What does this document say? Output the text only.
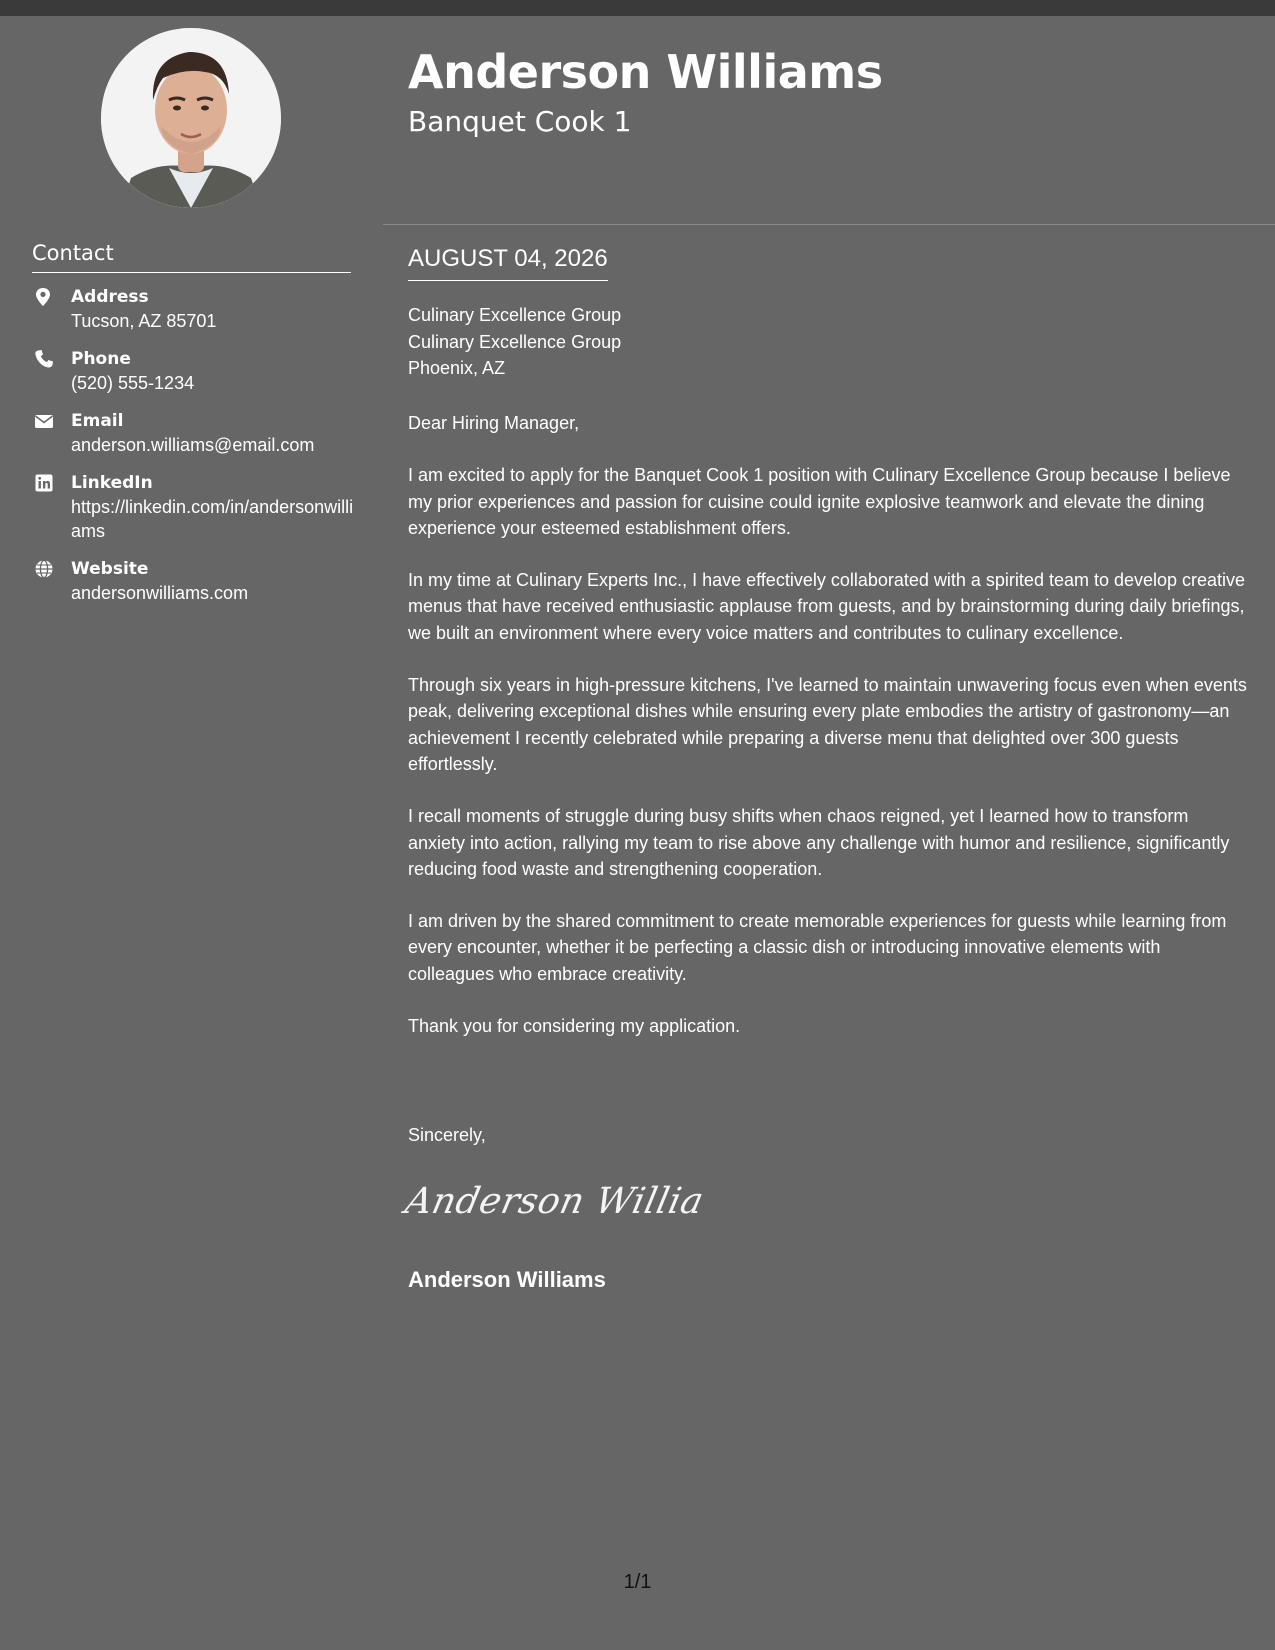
Contact
Address
Tucson, AZ 85701
Phone
(520) 555-1234
Email
anderson.williams@email.com
LinkedIn
https://linkedin.com/in/andersonwilliams
Website
andersonwilliams.com
Anderson Williams
Banquet Cook 1
AUGUST 04, 2026
Culinary Excellence Group
Culinary Excellence Group
Phoenix, AZ

Dear Hiring Manager,

I am excited to apply for the Banquet Cook 1 position with Culinary Excellence Group because I believe my prior experiences and passion for cuisine could ignite explosive teamwork and elevate the dining experience your esteemed establishment offers.

In my time at Culinary Experts Inc., I have effectively collaborated with a spirited team to develop creative menus that have received enthusiastic applause from guests, and by brainstorming during daily briefings, we built an environment where every voice matters and contributes to culinary excellence.

Through six years in high-pressure kitchens, I've learned to maintain unwavering focus even when events peak, delivering exceptional dishes while ensuring every plate embodies the artistry of gastronomy—an achievement I recently celebrated while preparing a diverse menu that delighted over 300 guests effortlessly.

I recall moments of struggle during busy shifts when chaos reigned, yet I learned how to transform anxiety into action, rallying my team to rise above any challenge with humor and resilience, significantly reducing food waste and strengthening cooperation.

I am driven by the shared commitment to create memorable experiences for guests while learning from every encounter, whether it be perfecting a classic dish or introducing innovative elements with colleagues who embrace creativity.

Thank you for considering my application.

Sincerely,
Anderson Willia
Anderson Williams
1/1
